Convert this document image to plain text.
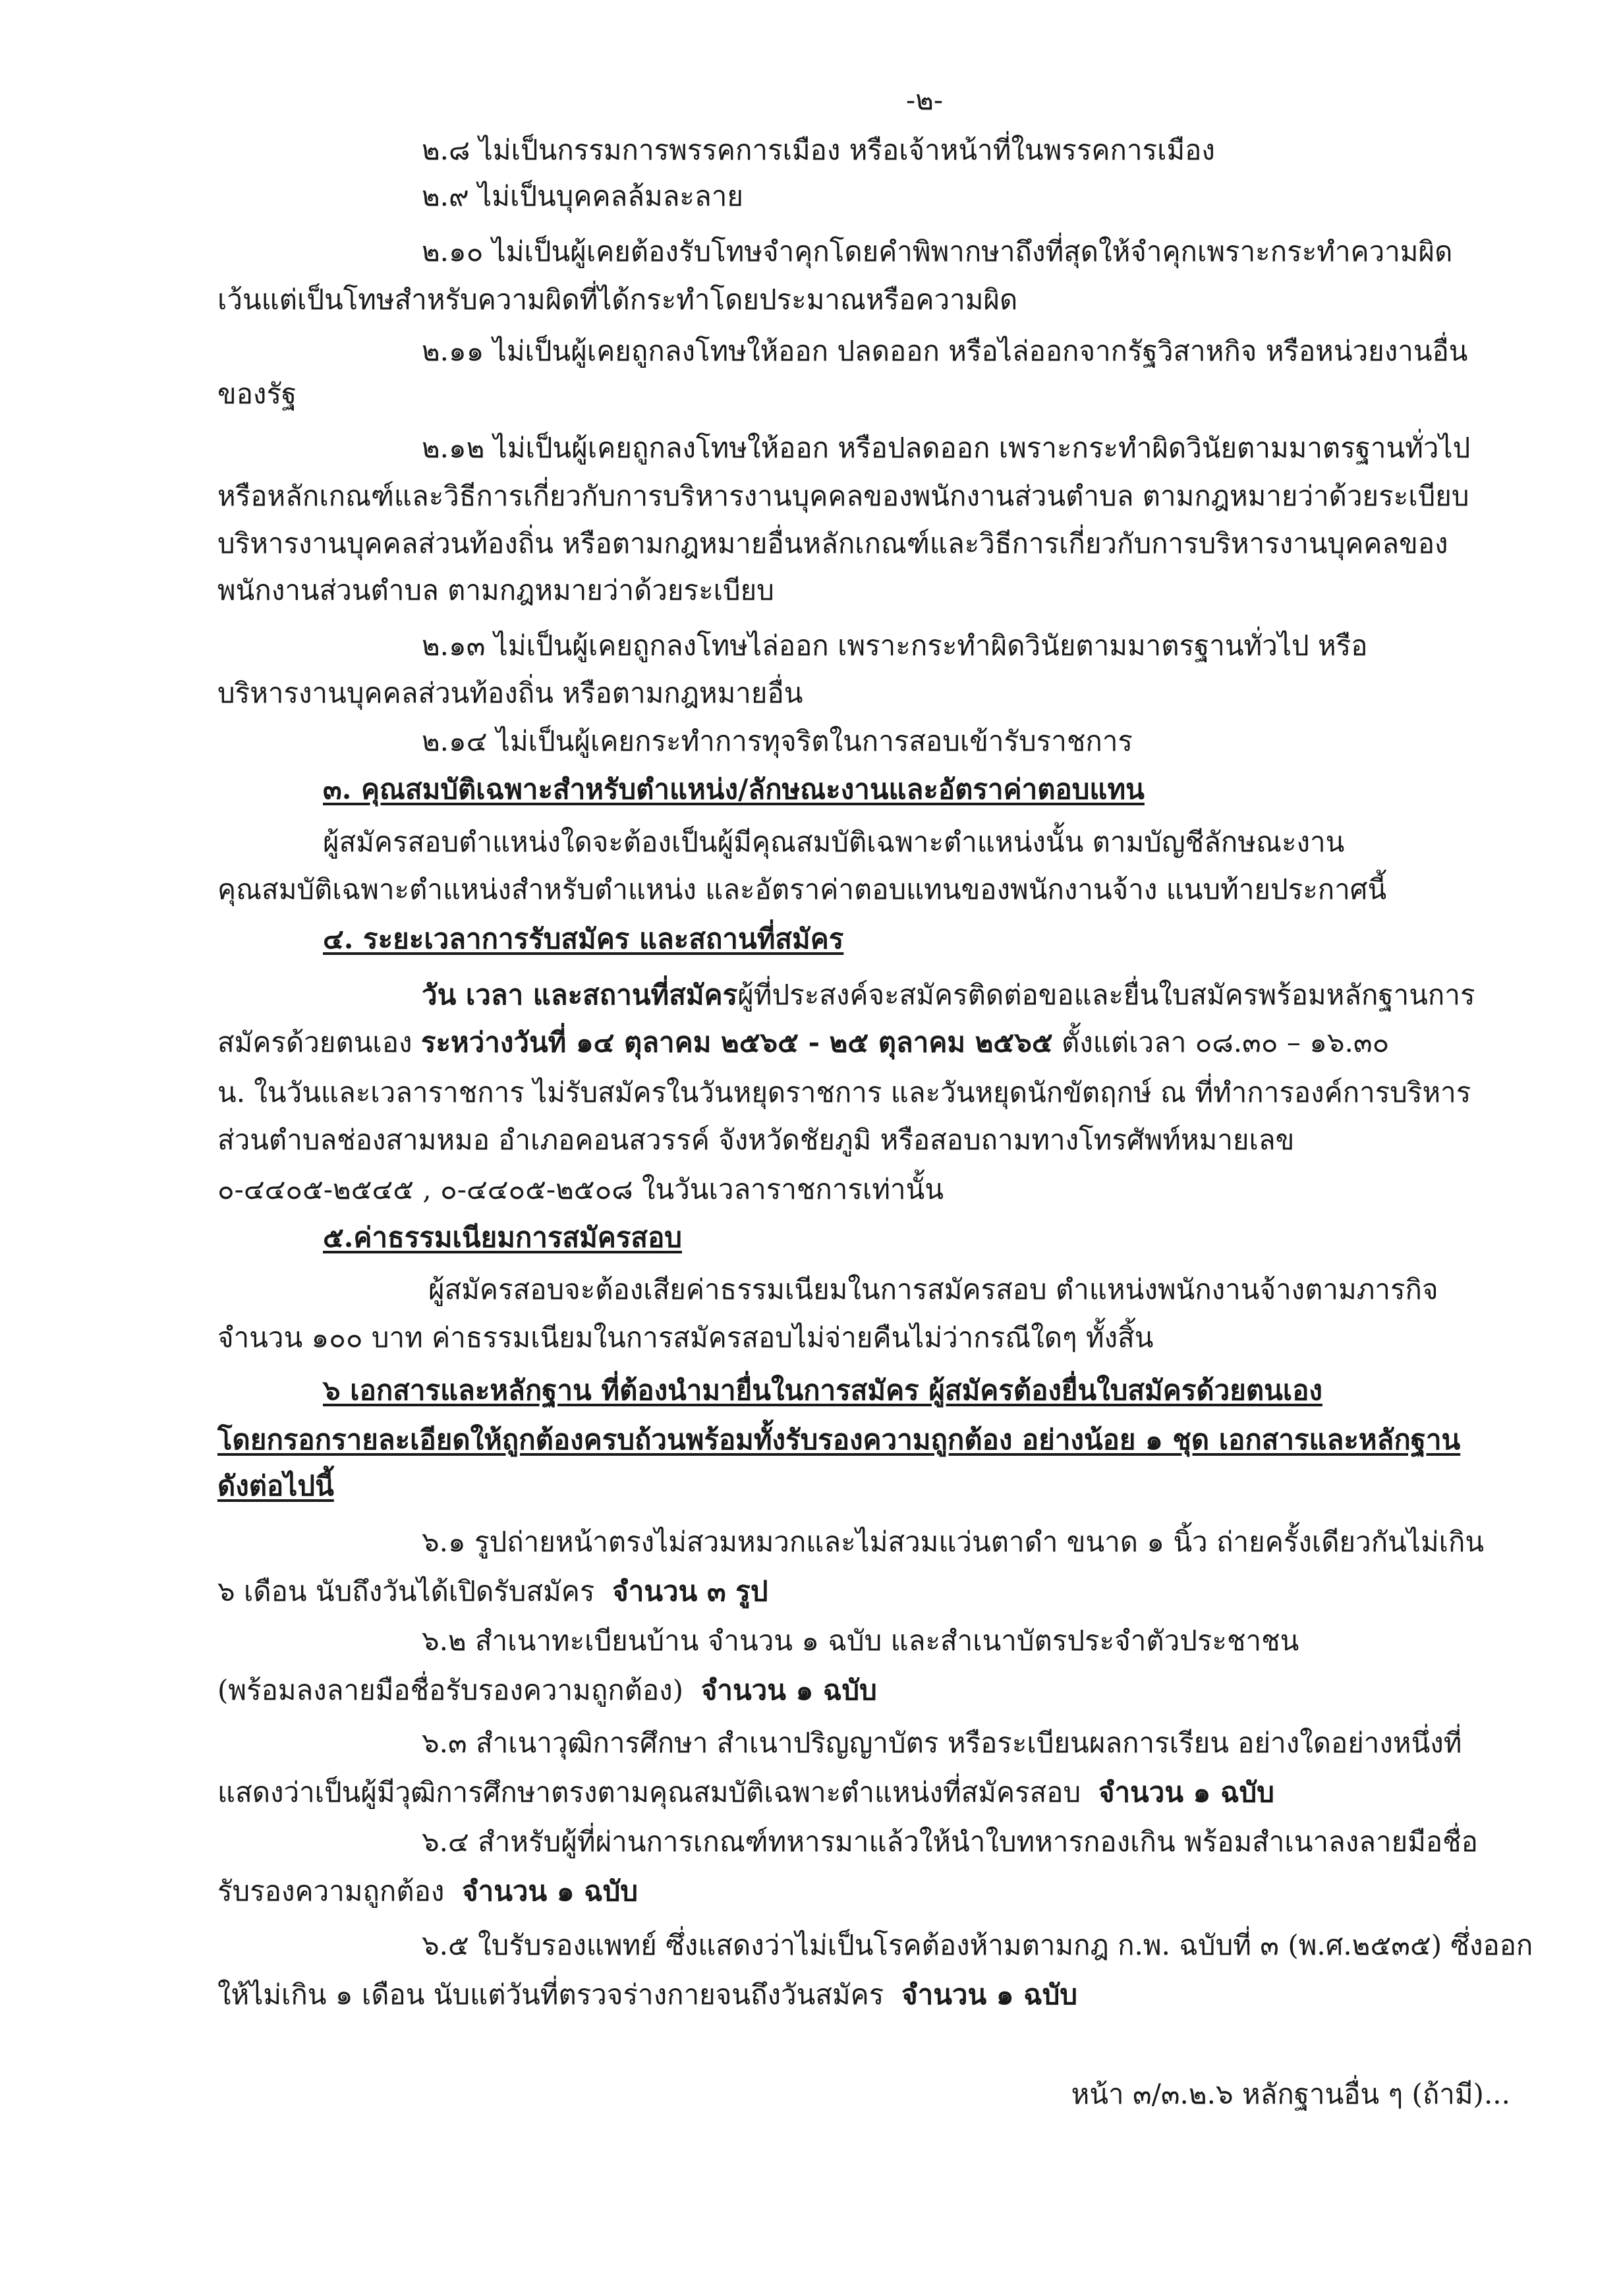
-๒-
๒.๘ ไม่เป็นกรรมการพรรคการเมือง หรือเจ้าหน้าที่ในพรรคการเมือง
๒.๙ ไม่เป็นบุคคลล้มละลาย
๒.๑๐ ไม่เป็นผู้เคยต้องรับโทษจำคุกโดยคำพิพากษาถึงที่สุดให้จำคุกเพราะกระทำความผิด
เว้นแต่เป็นโทษสำหรับความผิดที่ได้กระทำโดยประมาณหรือความผิด
๒.๑๑ ไม่เป็นผู้เคยถูกลงโทษให้ออก ปลดออก หรือไล่ออกจากรัฐวิสาหกิจ หรือหน่วยงานอื่น
ของรัฐ
๒.๑๒ ไม่เป็นผู้เคยถูกลงโทษให้ออก หรือปลดออก เพราะกระทำผิดวินัยตามมาตรฐานทั่วไป
หรือหลักเกณฑ์และวิธีการเกี่ยวกับการบริหารงานบุคคลของพนักงานส่วนตำบล ตามกฎหมายว่าด้วยระเบียบ
บริหารงานบุคคลส่วนท้องถิ่น หรือตามกฎหมายอื่นหลักเกณฑ์และวิธีการเกี่ยวกับการบริหารงานบุคคลของ
พนักงานส่วนตำบล ตามกฎหมายว่าด้วยระเบียบ
๒.๑๓ ไม่เป็นผู้เคยถูกลงโทษไล่ออก เพราะกระทำผิดวินัยตามมาตรฐานทั่วไป หรือ
บริหารงานบุคคลส่วนท้องถิ่น หรือตามกฎหมายอื่น
๒.๑๔ ไม่เป็นผู้เคยกระทำการทุจริตในการสอบเข้ารับราชการ
๓. คุณสมบัติเฉพาะสำหรับตำแหน่ง/ลักษณะงานและอัตราค่าตอบแทน
ผู้สมัครสอบตำแหน่งใดจะต้องเป็นผู้มีคุณสมบัติเฉพาะตำแหน่งนั้น ตามบัญชีลักษณะงาน
คุณสมบัติเฉพาะตำแหน่งสำหรับตำแหน่ง และอัตราค่าตอบแทนของพนักงานจ้าง แนบท้ายประกาศนี้
๔. ระยะเวลาการรับสมัคร และสถานที่สมัคร
วัน เวลา และสถานที่สมัครผู้ที่ประสงค์จะสมัครติดต่อขอและยื่นใบสมัครพร้อมหลักฐานการ
สมัครด้วยตนเอง ระหว่างวันที่ ๑๔ ตุลาคม ๒๕๖๕ - ๒๕ ตุลาคม ๒๕๖๕ ตั้งแต่เวลา ๐๘.๓๐ – ๑๖.๓๐
น. ในวันและเวลาราชการ ไม่รับสมัครในวันหยุดราชการ และวันหยุดนักขัตฤกษ์ ณ ที่ทำการองค์การบริหาร
ส่วนตำบลช่องสามหมอ อำเภอคอนสวรรค์ จังหวัดชัยภูมิ หรือสอบถามทางโทรศัพท์หมายเลข
๐-๔๔๐๕-๒๕๔๕ , ๐-๔๔๐๕-๒๕๐๘ ในวันเวลาราชการเท่านั้น
๕.ค่าธรรมเนียมการสมัครสอบ
ผู้สมัครสอบจะต้องเสียค่าธรรมเนียมในการสมัครสอบ ตำแหน่งพนักงานจ้างตามภารกิจ
จำนวน ๑๐๐ บาท ค่าธรรมเนียมในการสมัครสอบไม่จ่ายคืนไม่ว่ากรณีใดๆ ทั้งสิ้น
๖ เอกสารและหลักฐาน ที่ต้องนำมายื่นในการสมัคร ผู้สมัครต้องยื่นใบสมัครด้วยตนเอง
โดยกรอกรายละเอียดให้ถูกต้องครบถ้วนพร้อมทั้งรับรองความถูกต้อง อย่างน้อย ๑ ชุด เอกสารและหลักฐาน
ดังต่อไปนี้
๖.๑ รูปถ่ายหน้าตรงไม่สวมหมวกและไม่สวมแว่นตาดำ ขนาด ๑ นิ้ว ถ่ายครั้งเดียวกันไม่เกิน
๖ เดือน นับถึงวันได้เปิดรับสมัคร จำนวน ๓ รูป
๖.๒ สำเนาทะเบียนบ้าน จำนวน ๑ ฉบับ และสำเนาบัตรประจำตัวประชาชน
(พร้อมลงลายมือชื่อรับรองความถูกต้อง) จำนวน ๑ ฉบับ
๖.๓ สำเนาวุฒิการศึกษา สำเนาปริญญาบัตร หรือระเบียนผลการเรียน อย่างใดอย่างหนึ่งที่
แสดงว่าเป็นผู้มีวุฒิการศึกษาตรงตามคุณสมบัติเฉพาะตำแหน่งที่สมัครสอบ จำนวน ๑ ฉบับ
๖.๔ สำหรับผู้ที่ผ่านการเกณฑ์ทหารมาแล้วให้นำใบทหารกองเกิน พร้อมสำเนาลงลายมือชื่อ
รับรองความถูกต้อง จำนวน ๑ ฉบับ
๖.๕ ใบรับรองแพทย์ ซึ่งแสดงว่าไม่เป็นโรคต้องห้ามตามกฎ ก.พ. ฉบับที่ ๓ (พ.ศ.๒๕๓๕) ซึ่งออก
ให้ไม่เกิน ๑ เดือน นับแต่วันที่ตรวจร่างกายจนถึงวันสมัคร จำนวน ๑ ฉบับ
หน้า ๓/๓.๒.๖ หลักฐานอื่น ๆ (ถ้ามี)...
